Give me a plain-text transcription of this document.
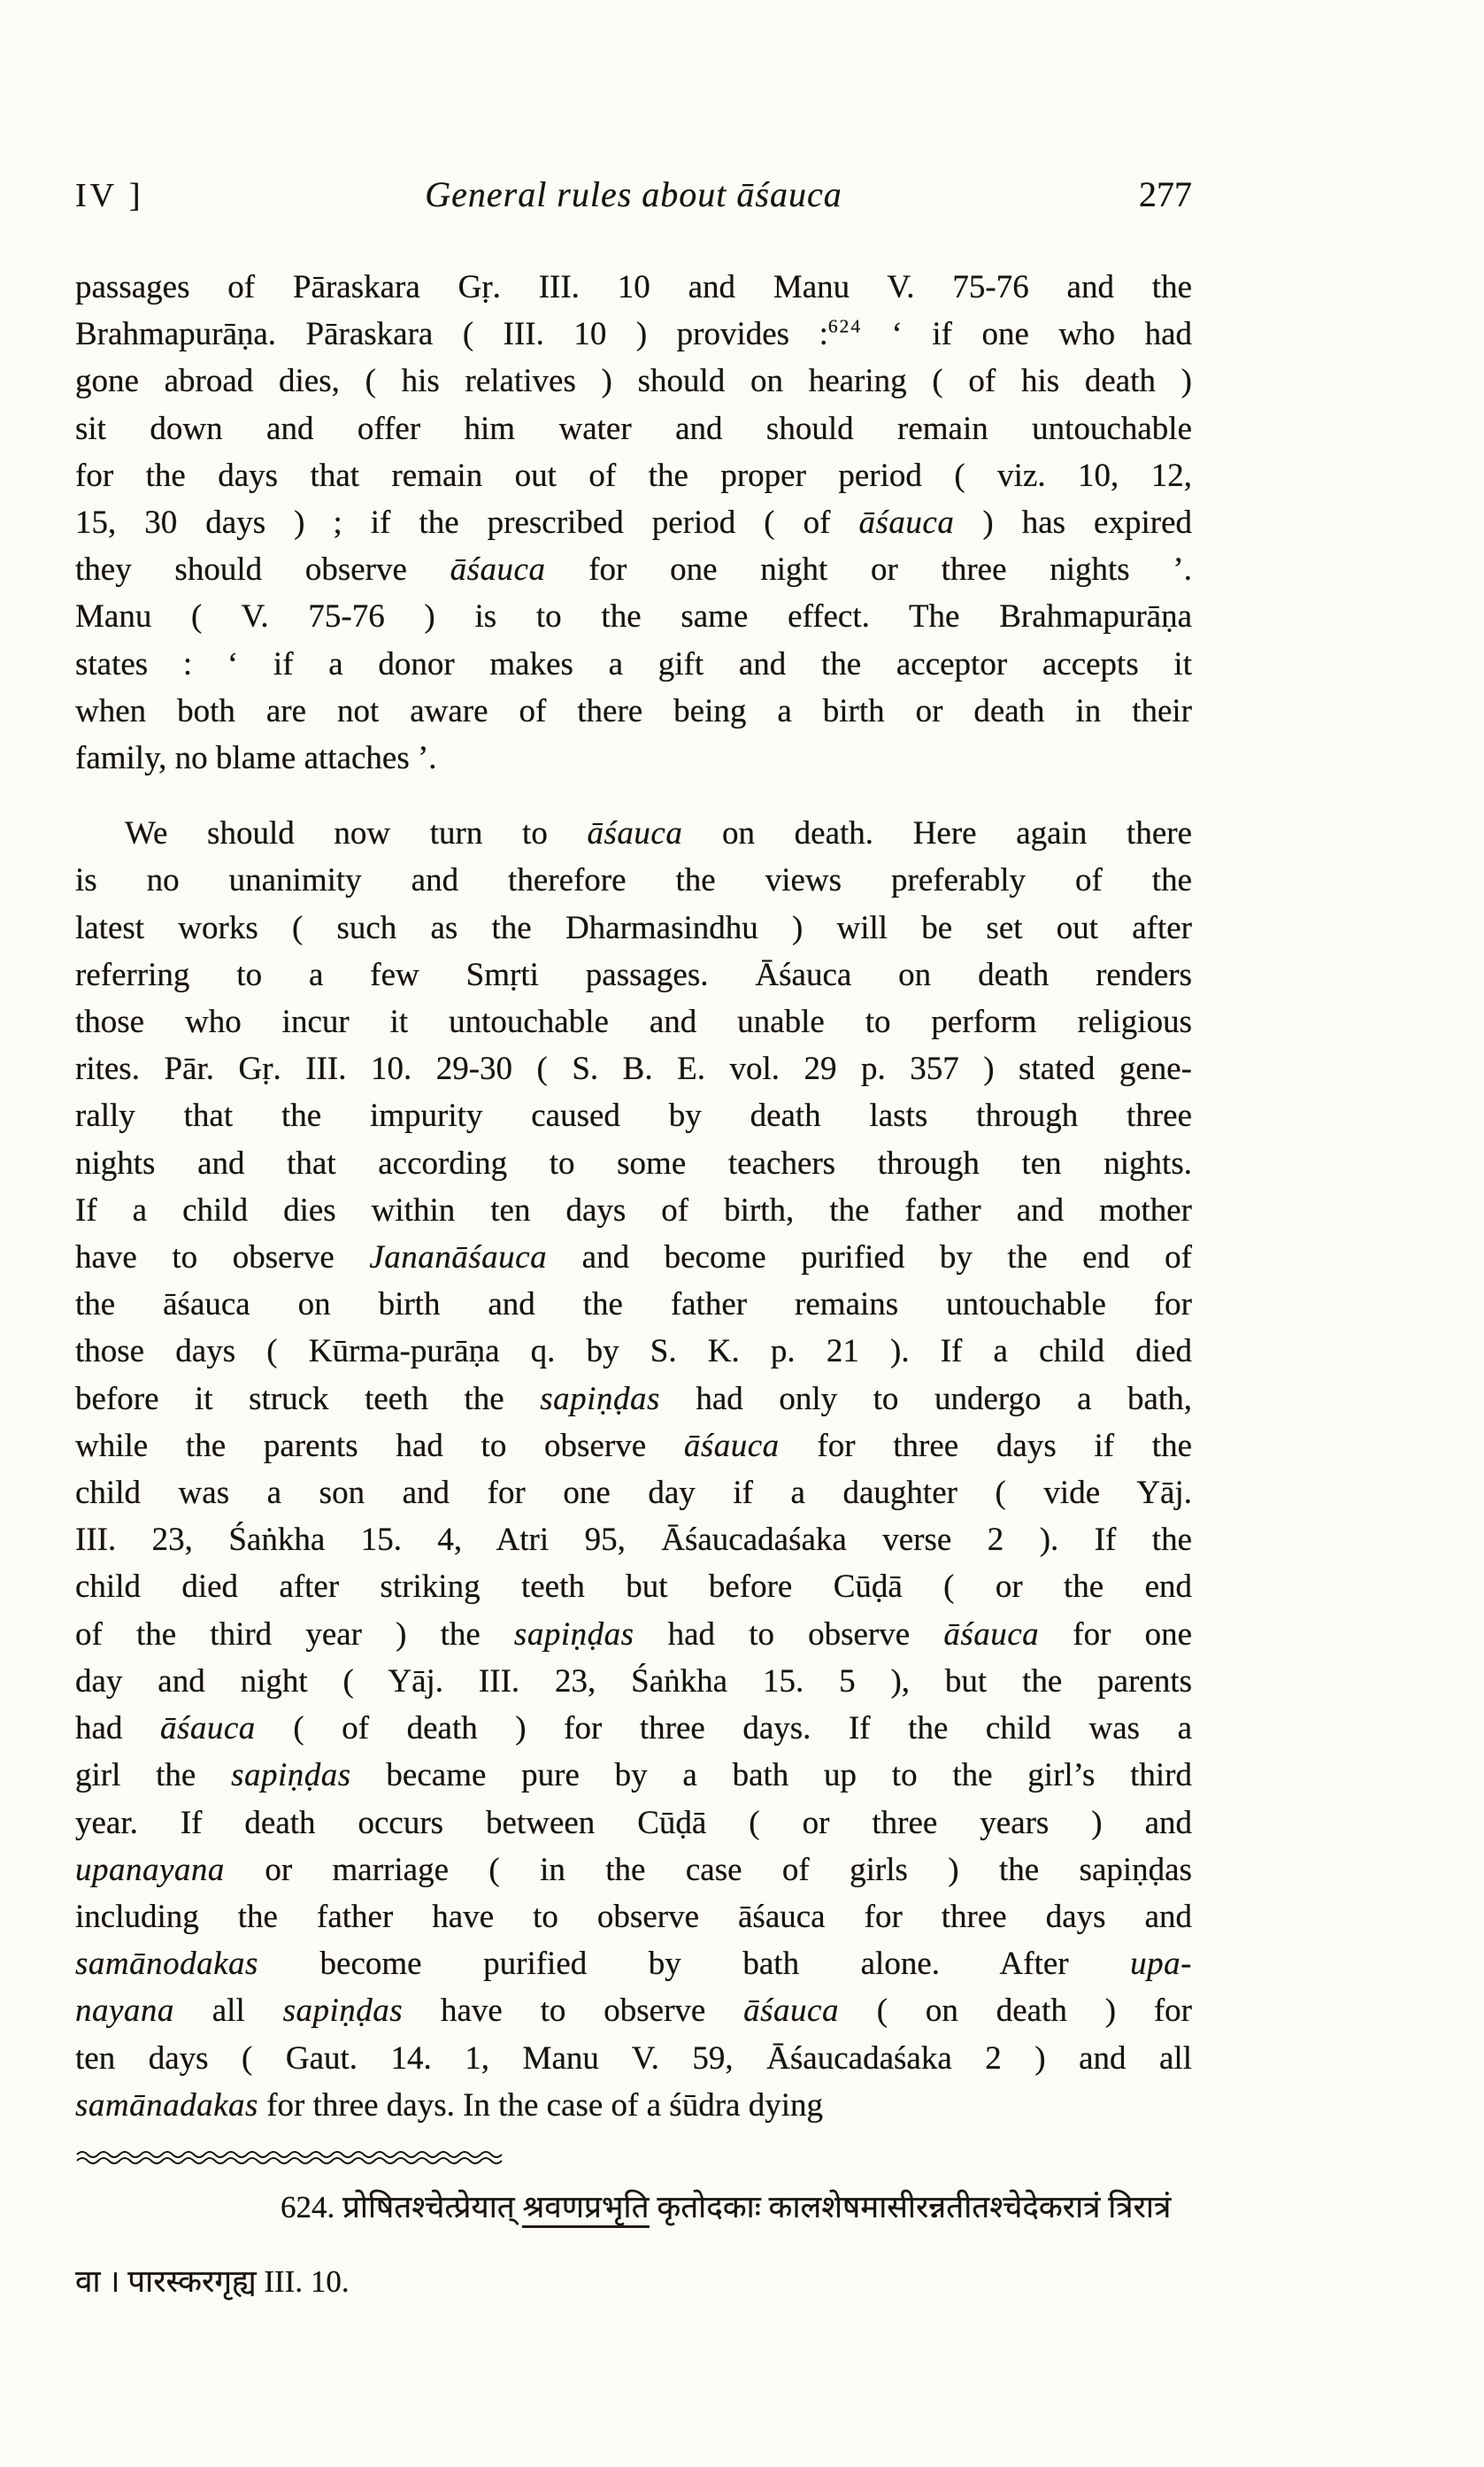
IV ]	General rules about āśauca	277
passages of Pāraskara Gṛ. III. 10 and Manu V. 75-76 and the
Brahmapurāṇa. Pāraskara ( III. 10 ) provides :$^{624}$ ‘ if one who had
gone abroad dies, ( his relatives ) should on hearing ( of his death )
sit down and offer him water and should remain untouchable
for the days that remain out of the proper period ( viz. 10, 12,
15, 30 days ) ; if the prescribed period ( of āśauca ) has expired
they should observe āśauca for one night or three nights ’.
Manu ( V. 75-76 ) is to the same effect. The Brahmapurāṇa
states : ‘ if a donor makes a gift and the acceptor accepts it
when both are not aware of there being a birth or death in their
family, no blame attaches ’.
We should now turn to āśauca on death. Here again there
is no unanimity and therefore the views preferably of the
latest works ( such as the Dharmasindhu ) will be set out after
referring to a few Smṛti passages. Āśauca on death renders
those who incur it untouchable and unable to perform religious
rites. Pār. Gṛ. III. 10. 29-30 ( S. B. E. vol. 29 p. 357 ) stated gene-
rally that the impurity caused by death lasts through three
nights and that according to some teachers through ten nights.
If a child dies within ten days of birth, the father and mother
have to observe Jananāśauca and become purified by the end of
the āśauca on birth and the father remains untouchable for
those days ( Kūrma-purāṇa q. by S. K. p. 21 ). If a child died
before it struck teeth the sapiṇḍas had only to undergo a bath,
while the parents had to observe āśauca for three days if the
child was a son and for one day if a daughter ( vide Yāj.
III. 23, Śaṅkha 15. 4, Atri 95, Āśaucadaśaka verse 2 ). If the
child died after striking teeth but before Cūḍā ( or the end
of the third year ) the sapiṇḍas had to observe āśauca for one
day and night ( Yāj. III. 23, Śaṅkha 15. 5 ), but the parents
had āśauca ( of death ) for three days. If the child was a
girl the sapiṇḍas became pure by a bath up to the girl’s third
year. If death occurs between Cūḍā ( or three years ) and
upanayana or marriage ( in the case of girls ) the sapiṇḍas
including the father have to observe āśauca for three days and
samānodakas become purified by bath alone. After upa-
nayana all sapiṇḍas have to observe āśauca ( on death ) for
ten days ( Gaut. 14. 1, Manu V. 59, Āśaucadaśaka 2 ) and all
samānadakas for three days. In the case of a śūdra dying
624. प्रोषितश्चेत्प्रेयात् श्रवणप्रभृति कृतोदकाः कालशेषमासीरन्नतीतश्चेदेकरात्रं त्रिरात्रं
वा । पारस्करगृह्य III. 10.
